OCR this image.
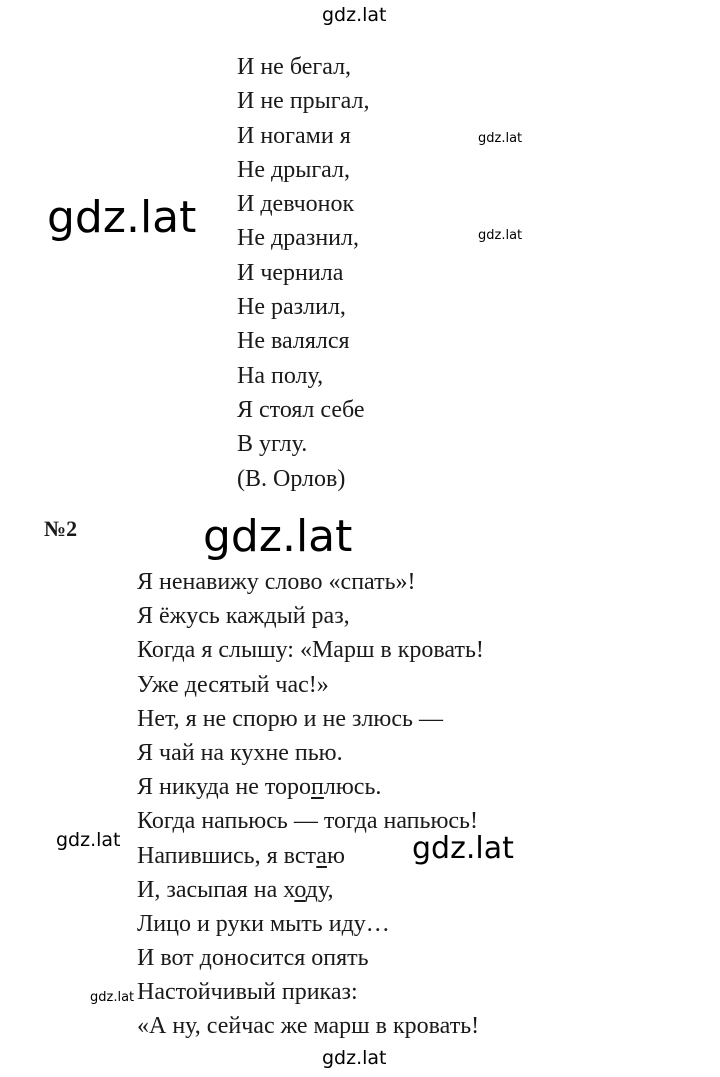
gdz.lat
gdz.lat
gdz.lat	gdz.lat
И не бегал,
И не прыгал,
И ногами я
Не дрыгал,
И девчонок
Не дразнил,
И чернила
Не разлил,
Не валялся
На полу,
Я стоял себе
В углу.
(В. Орлов)
№2	gdz.lat
Я ненавижу слово «спать»!
Я ёжусь каждый раз,
Когда я слышу: «Марш в кровать!
Уже десятый час!»
Нет, я не спорю и не злюсь —
Я чай на кухне пью.
Я никуда не тороплюсь.
Когда напьюсь — тогда напьюсь!
Напившись, я встаю
И, засыпая на ходу,
Лицо и руки мыть иду…
И вот доносится опять
Настойчивый приказ:
«А ну, сейчас же марш в кровать!
gdz.lat	gdz.lat
gdz.lat
gdz.lat
